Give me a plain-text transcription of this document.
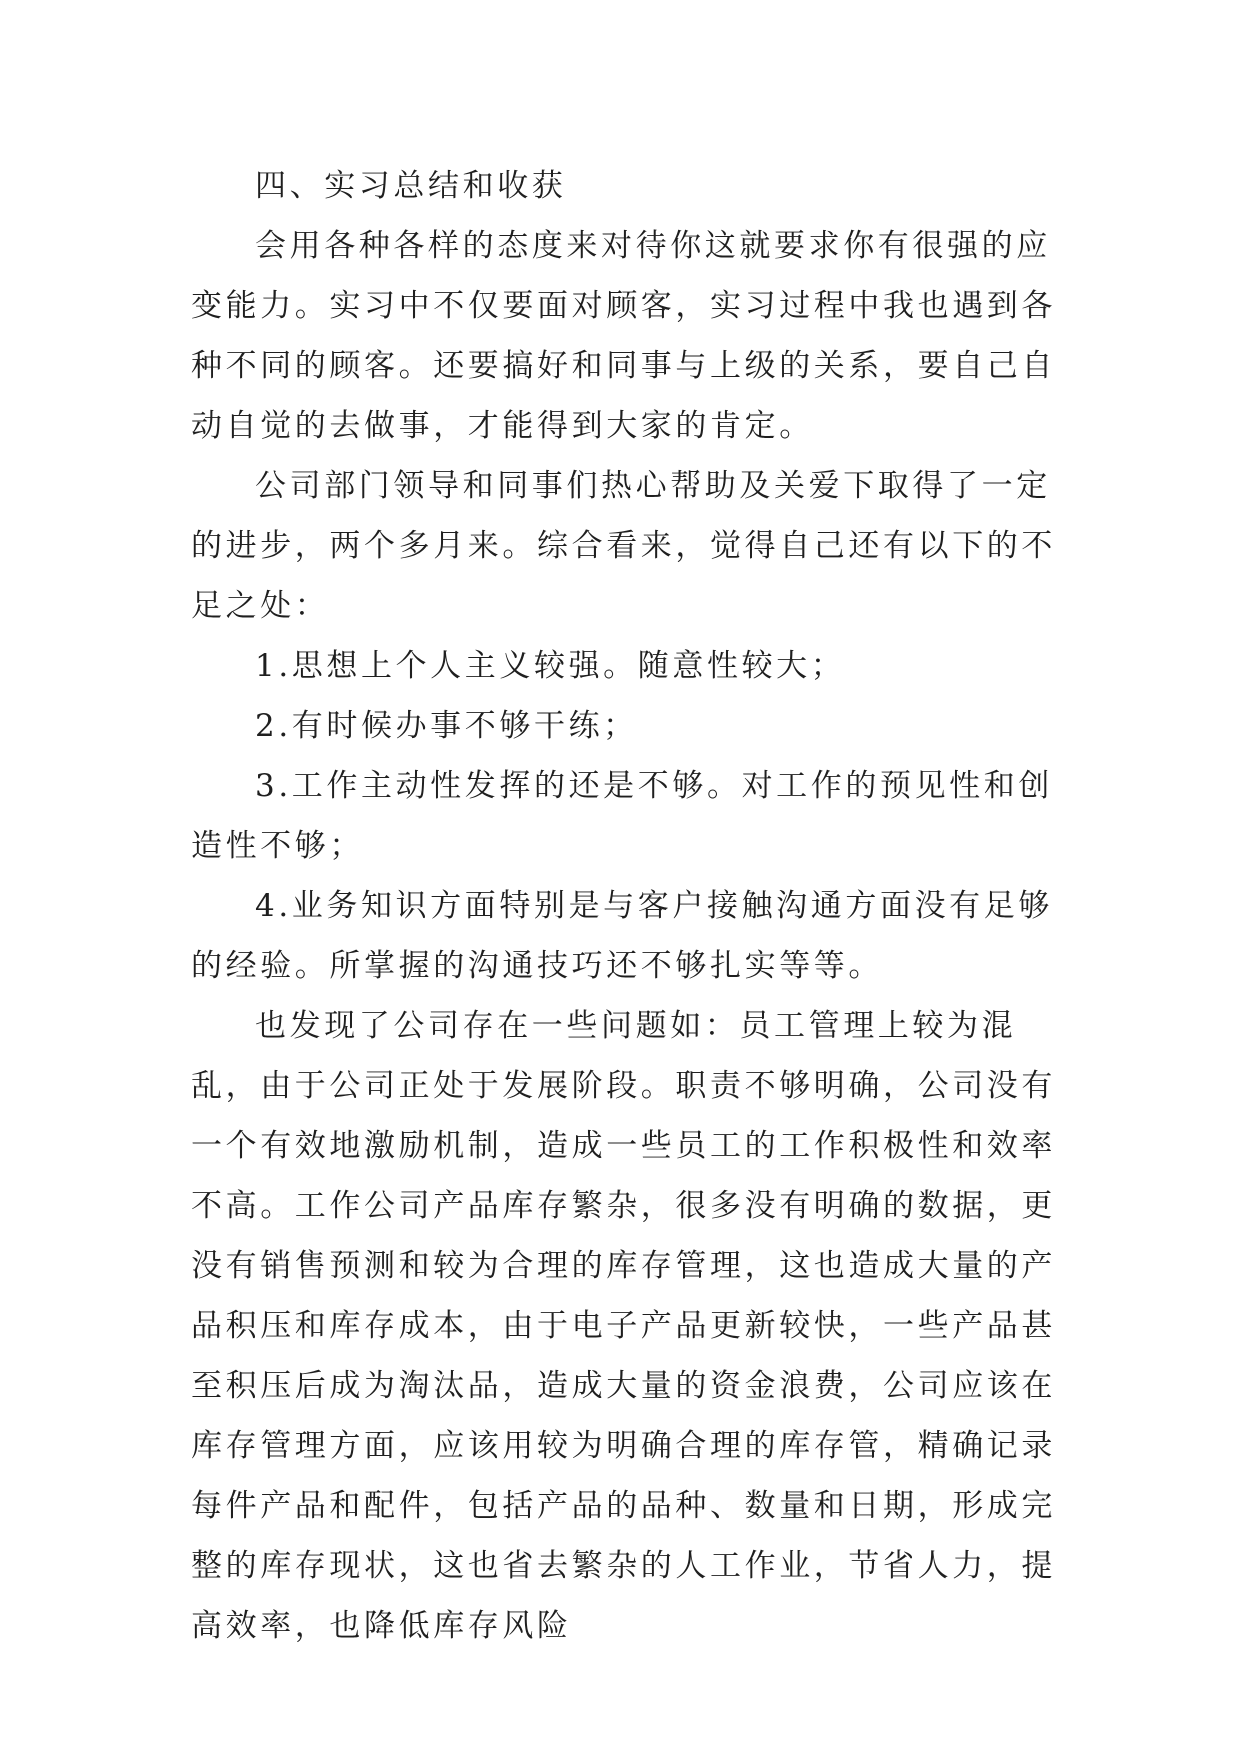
四、实习总结和收获

会用各种各样的态度来对待你这就要求你有很强的应变能力。实习中不仅要面对顾客，实习过程中我也遇到各种不同的顾客。还要搞好和同事与上级的关系，要自己自动自觉的去做事，才能得到大家的肯定。

公司部门领导和同事们热心帮助及关爱下取得了一定的进步，两个多月来。综合看来，觉得自己还有以下的不足之处：

1.思想上个人主义较强。随意性较大；

2.有时候办事不够干练；

3.工作主动性发挥的还是不够。对工作的预见性和创造性不够；

4.业务知识方面特别是与客户接触沟通方面没有足够的经验。所掌握的沟通技巧还不够扎实等等。

也发现了公司存在一些问题如：员工管理上较为混乱，由于公司正处于发展阶段。职责不够明确，公司没有一个有效地激励机制，造成一些员工的工作积极性和效率不高。工作公司产品库存繁杂，很多没有明确的数据，更没有销售预测和较为合理的库存管理，这也造成大量的产品积压和库存成本，由于电子产品更新较快，一些产品甚至积压后成为淘汰品，造成大量的资金浪费，公司应该在库存管理方面，应该用较为明确合理的库存管，精确记录每件产品和配件，包括产品的品种、数量和日期，形成完整的库存现状，这也省去繁杂的人工作业，节省人力，提高效率，也降低库存风险
